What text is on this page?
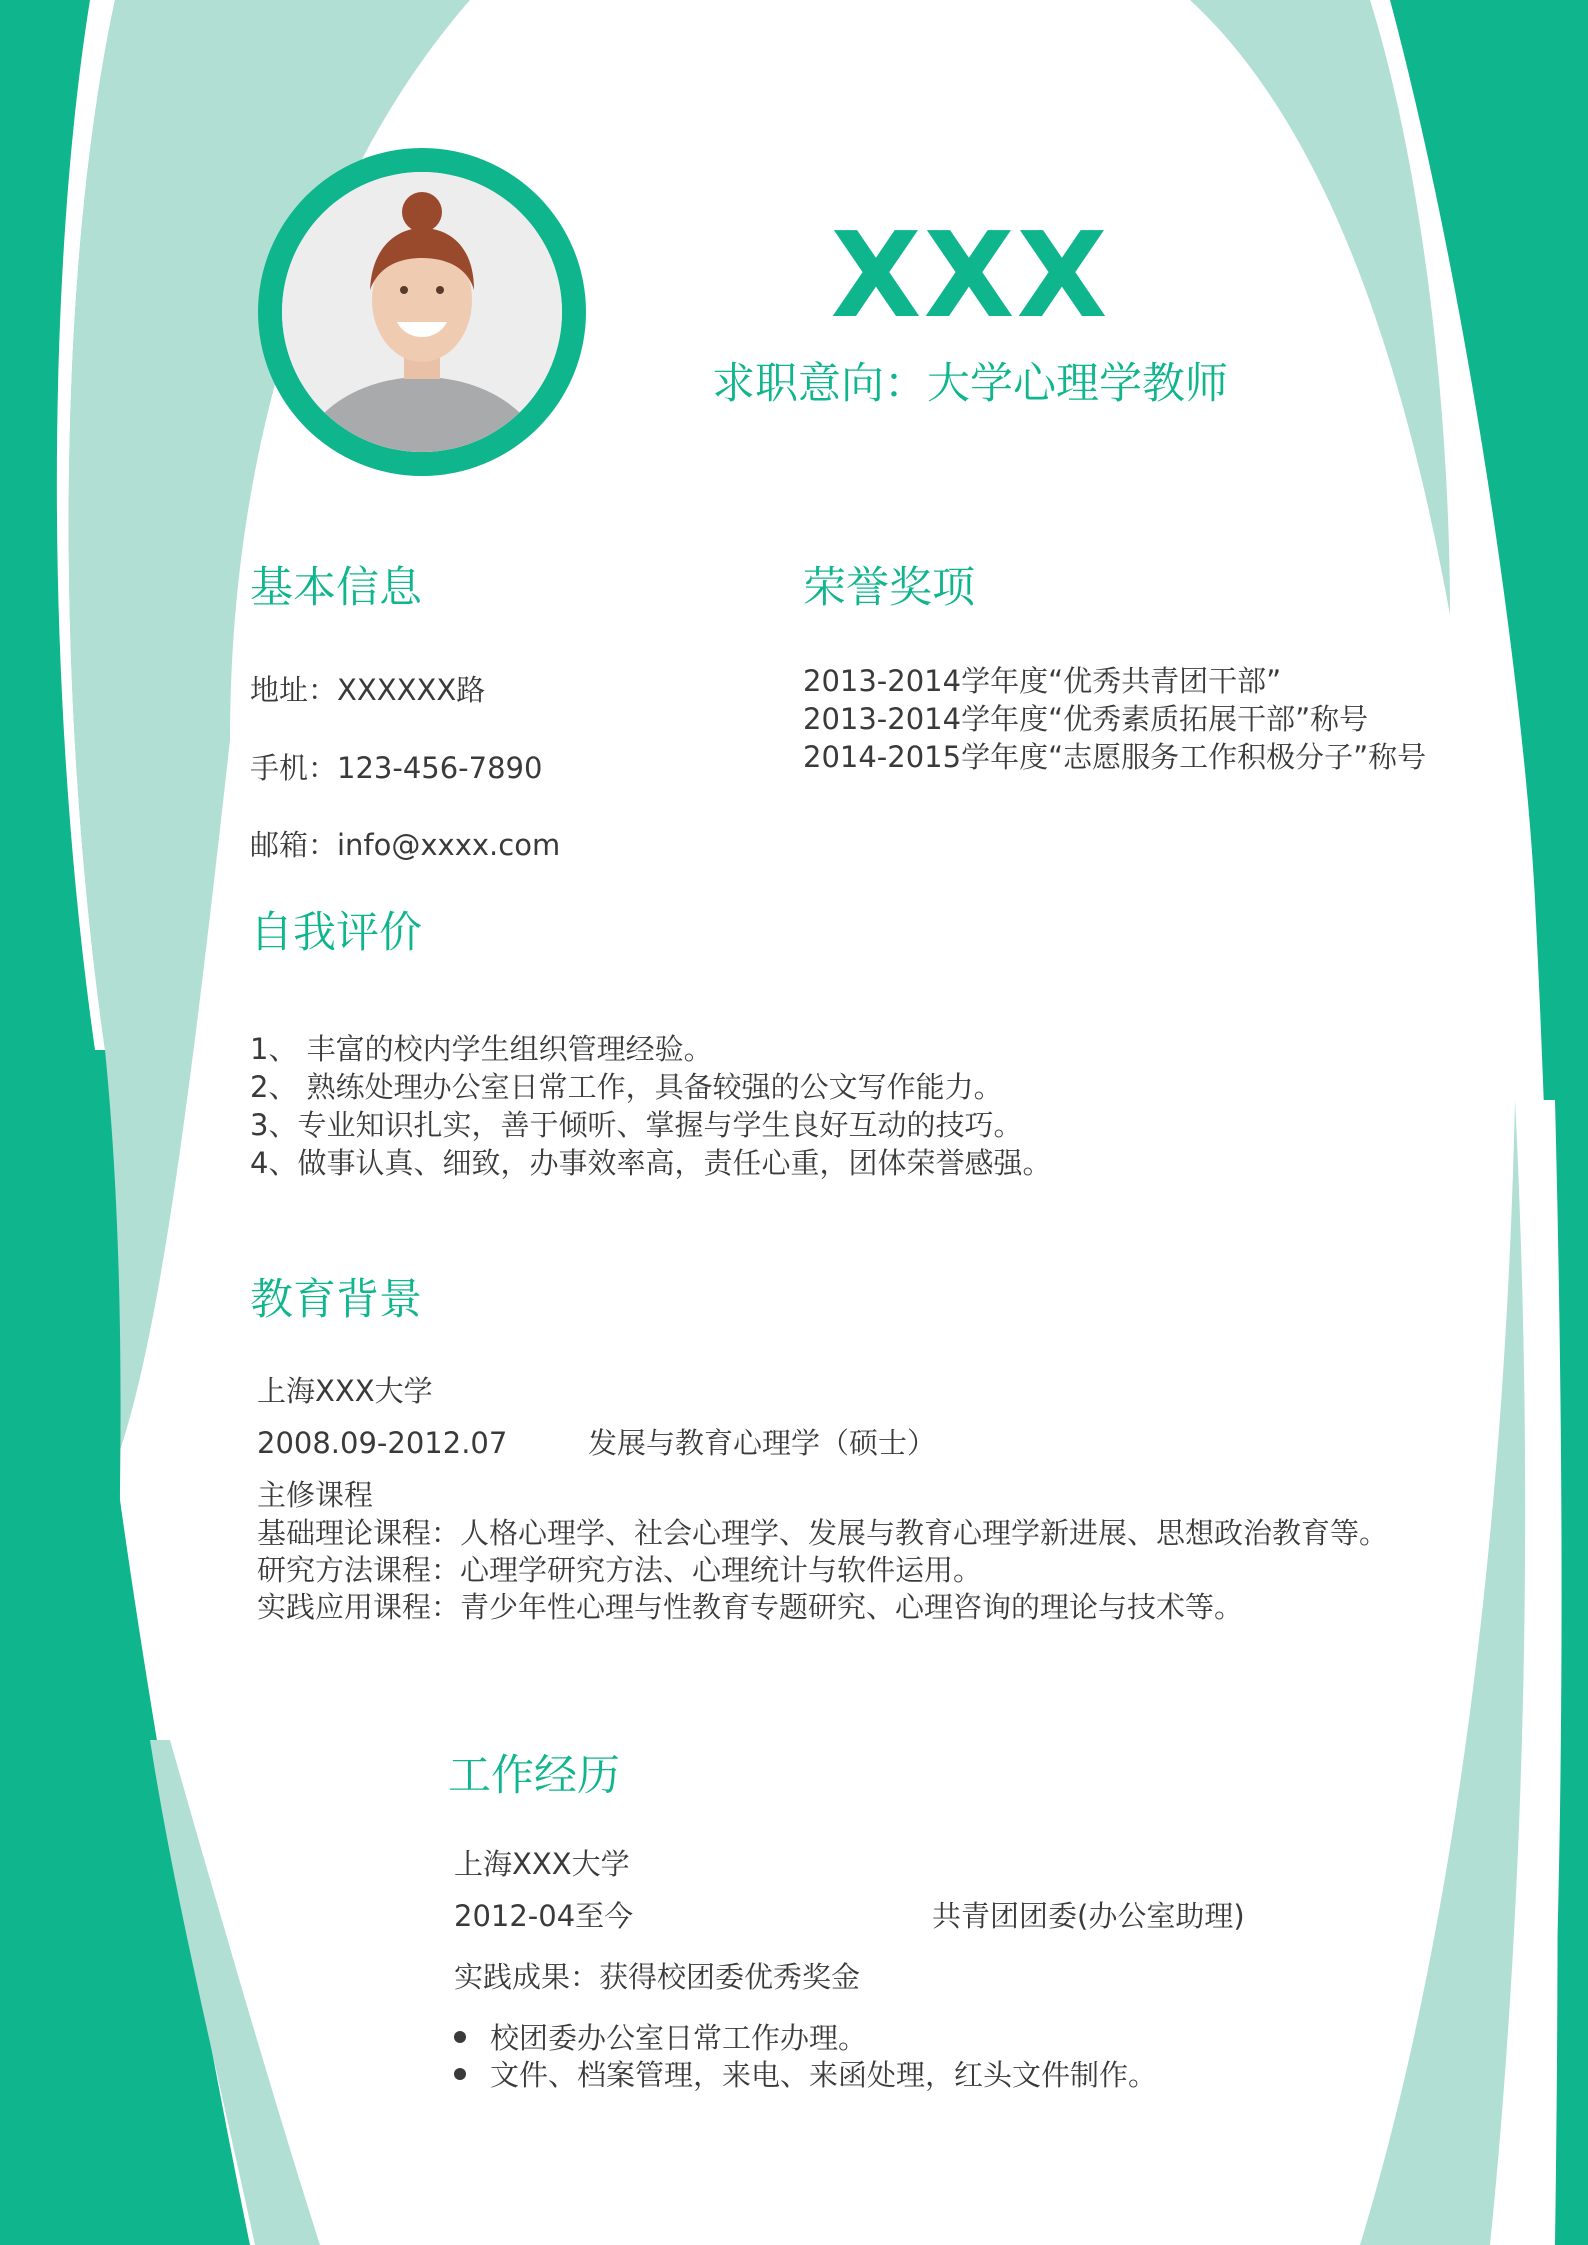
XXX
求职意向：大学心理学教师
基本信息
地址：XXXXXX路
手机：123-456-7890
邮箱：info@xxxx.com
荣誉奖项
2013-2014学年度“优秀共青团干部”
2013-2014学年度“优秀素质拓展干部”称号
2014-2015学年度“志愿服务工作积极分子”称号
自我评价
1、 丰富的校内学生组织管理经验。
2、 熟练处理办公室日常工作，具备较强的公文写作能力。
3、专业知识扎实，善于倾听、掌握与学生良好互动的技巧。
4、做事认真、细致，办事效率高，责任心重，团体荣誉感强。
教育背景
上海XXX大学
2008.09-2012.07	发展与教育心理学（硕士）
主修课程
基础理论课程：人格心理学、社会心理学、发展与教育心理学新进展、思想政治教育等。
研究方法课程：心理学研究方法、心理统计与软件运用。
实践应用课程：青少年性心理与性教育专题研究、心理咨询的理论与技术等。
工作经历
上海XXX大学
2012-04至今	共青团团委(办公室助理)
实践成果：获得校团委优秀奖金
校团委办公室日常工作办理。
文件、档案管理，来电、来函处理，红头文件制作。
